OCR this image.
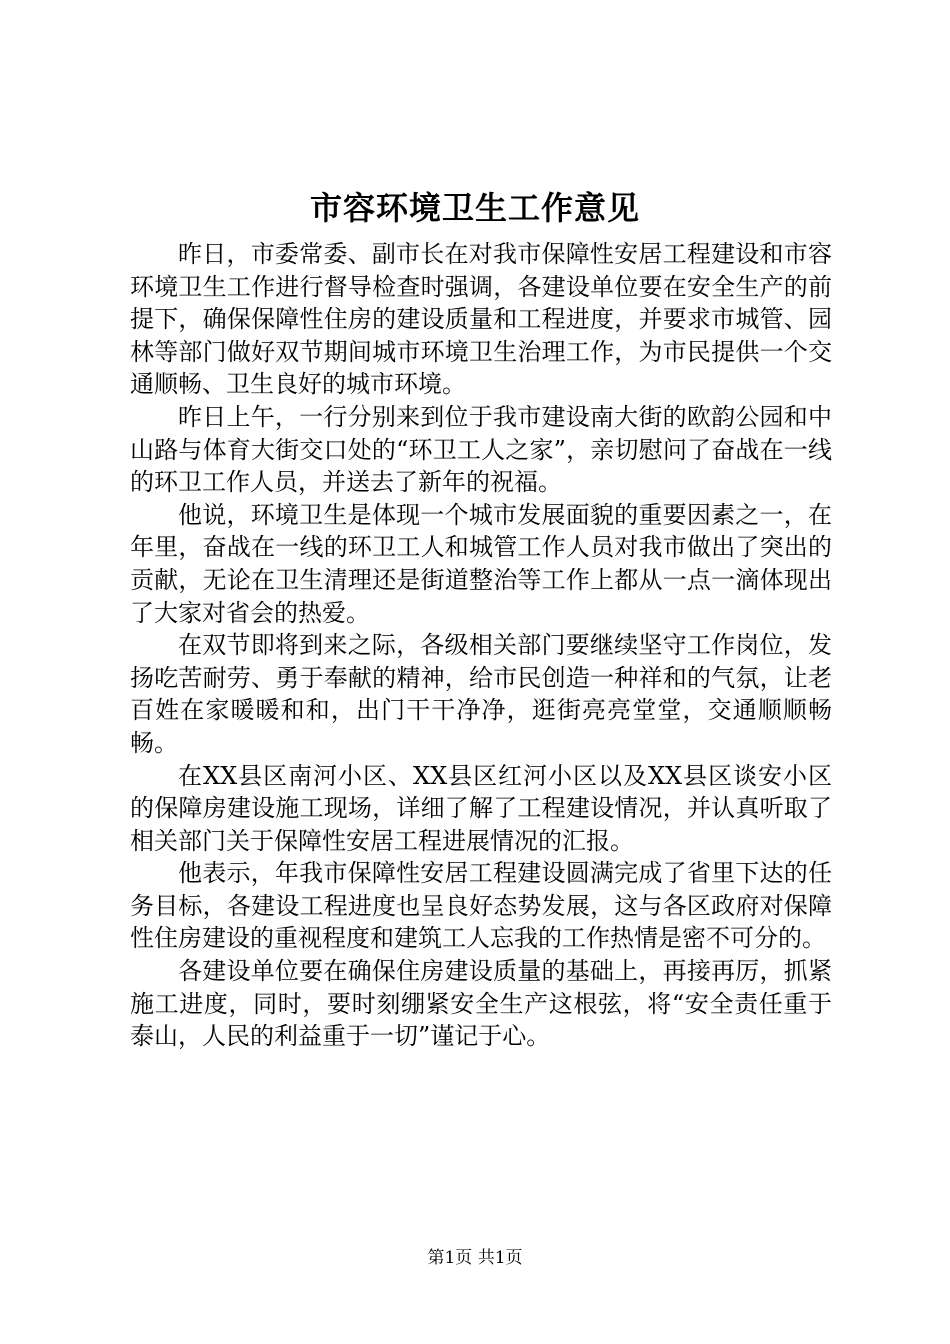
市容环境卫生工作意见

昨日，市委常委、副市长在对我市保障性安居工程建设和市容环境卫生工作进行督导检查时强调，各建设单位要在安全生产的前提下，确保保障性住房的建设质量和工程进度，并要求市城管、园林等部门做好双节期间城市环境卫生治理工作，为市民提供一个交通顺畅、卫生良好的城市环境。

昨日上午，一行分别来到位于我市建设南大街的欧韵公园和中山路与体育大街交口处的“环卫工人之家”，亲切慰问了奋战在一线的环卫工作人员，并送去了新年的祝福。

他说，环境卫生是体现一个城市发展面貌的重要因素之一，在年里，奋战在一线的环卫工人和城管工作人员对我市做出了突出的贡献，无论在卫生清理还是街道整治等工作上都从一点一滴体现出了大家对省会的热爱。

在双节即将到来之际，各级相关部门要继续坚守工作岗位，发扬吃苦耐劳、勇于奉献的精神，给市民创造一种祥和的气氛，让老百姓在家暖暖和和，出门干干净净，逛街亮亮堂堂，交通顺顺畅畅。

在XX县区南河小区、XX县区红河小区以及XX县区谈安小区的保障房建设施工现场，详细了解了工程建设情况，并认真听取了相关部门关于保障性安居工程进展情况的汇报。

他表示，年我市保障性安居工程建设圆满完成了省里下达的任务目标，各建设工程进度也呈良好态势发展，这与各区政府对保障性住房建设的重视程度和建筑工人忘我的工作热情是密不可分的。

各建设单位要在确保住房建设质量的基础上，再接再厉，抓紧施工进度，同时，要时刻绷紧安全生产这根弦，将“安全责任重于泰山，人民的利益重于一切”谨记于心。

第1页 共1页
